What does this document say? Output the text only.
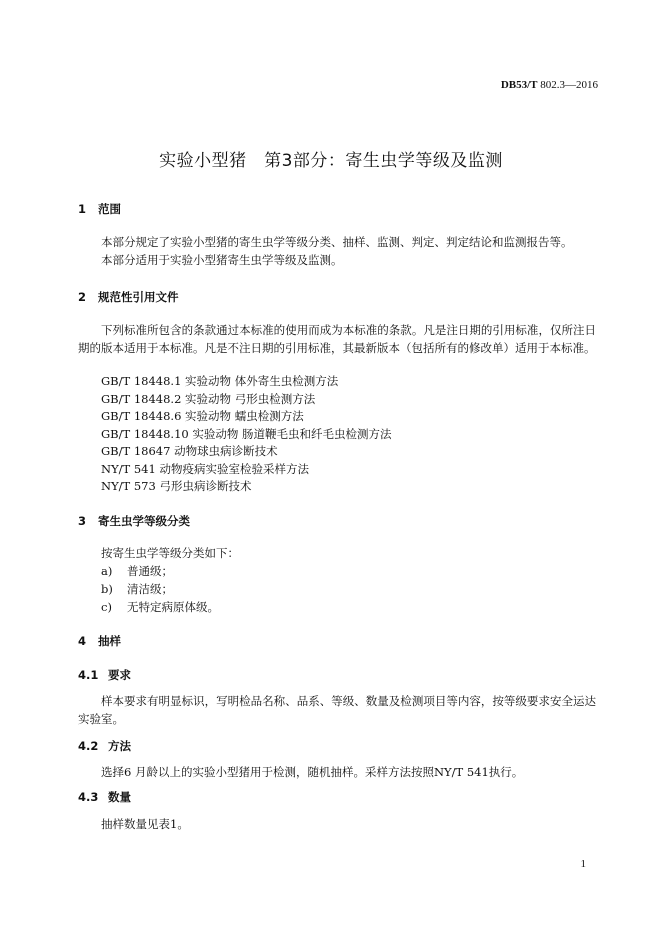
DB53/T 802.3—2016
实验小型猪　第3部分：寄生虫学等级及监测
1 范围
本部分规定了实验小型猪的寄生虫学等级分类、抽样、监测、判定、判定结论和监测报告等。
本部分适用于实验小型猪寄生虫学等级及监测。
2 规范性引用文件
下列标准所包含的条款通过本标准的使用而成为本标准的条款。凡是注日期的引用标准，仅所注日期的版本适用于本标准。凡是不注日期的引用标准，其最新版本（包括所有的修改单）适用于本标准。
GB/T 18448.1 实验动物 体外寄生虫检测方法
GB/T 18448.2 实验动物 弓形虫检测方法
GB/T 18448.6 实验动物 蠕虫检测方法
GB/T 18448.10 实验动物 肠道鞭毛虫和纤毛虫检测方法
GB/T 18647 动物球虫病诊断技术
NY/T 541 动物疫病实验室检验采样方法
NY/T 573 弓形虫病诊断技术
3 寄生虫学等级分类
按寄生虫学等级分类如下：
a) 普通级；
b) 清洁级；
c) 无特定病原体级。
4 抽样
4.1 要求
样本要求有明显标识，写明检品名称、品系、等级、数量及检测项目等内容，按等级要求安全运达实验室。
4.2 方法
选择6 月龄以上的实验小型猪用于检测，随机抽样。采样方法按照NY/T 541执行。
4.3 数量
抽样数量见表1。
1
